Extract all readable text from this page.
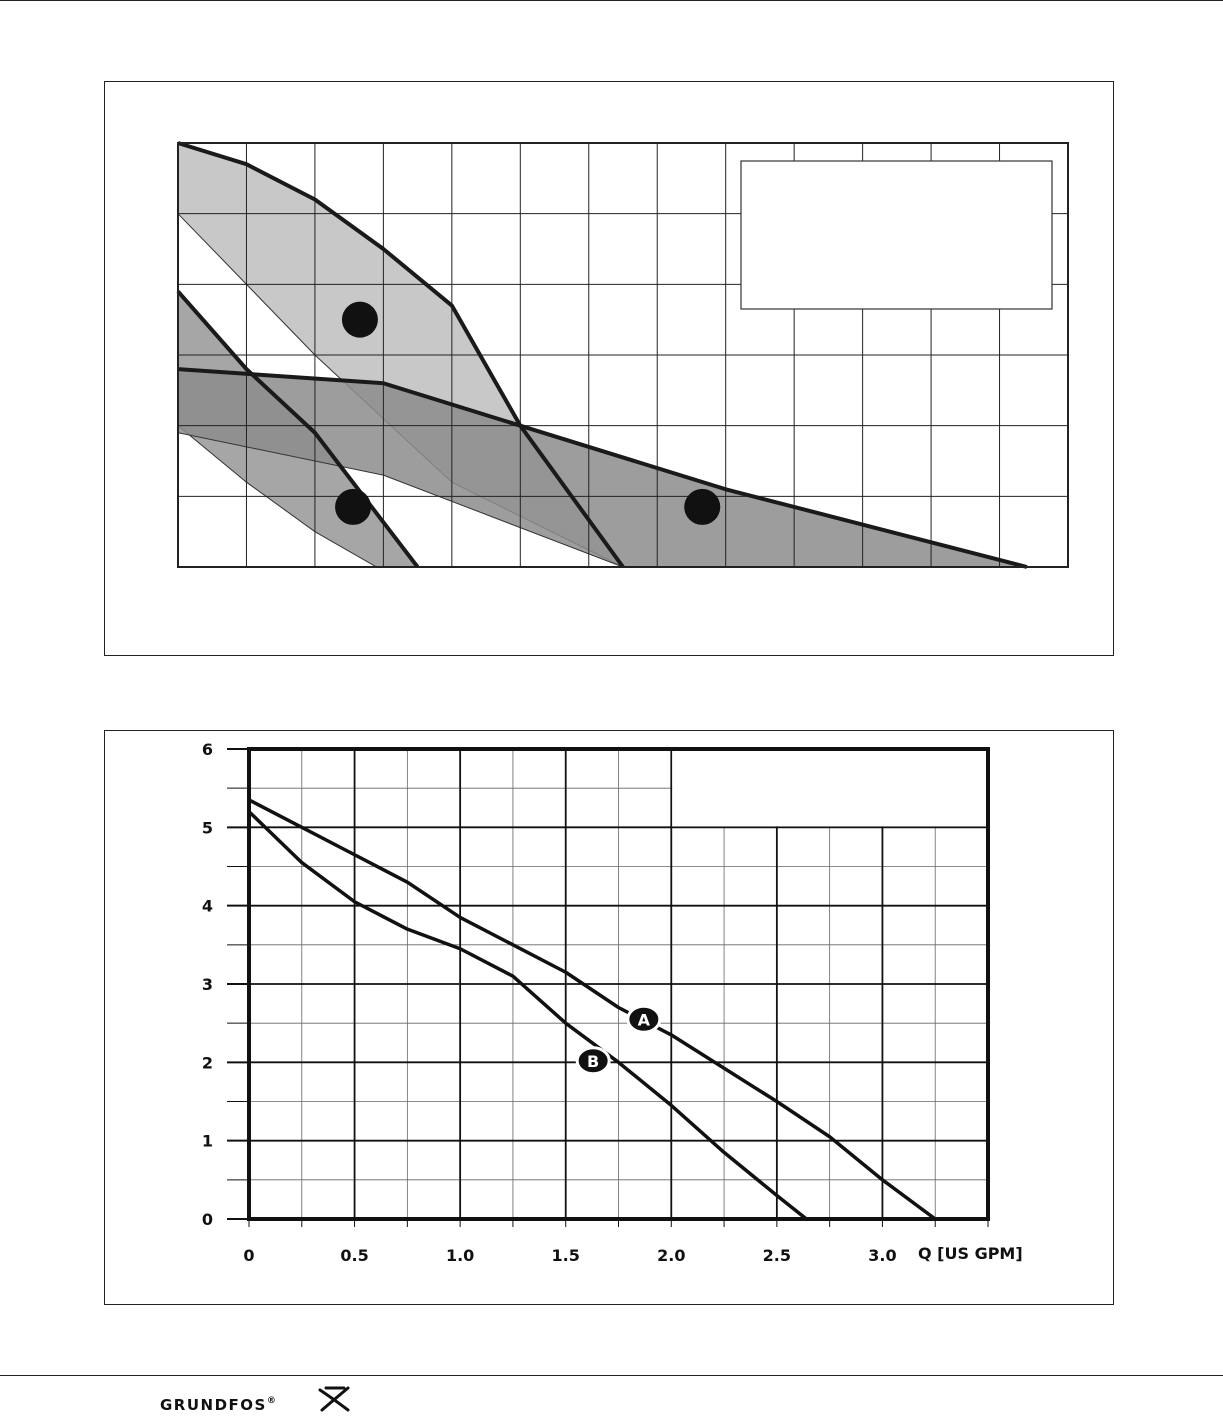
0
1
2
3
4
5
6
0	0.5	1.0	1.5	2.0	2.5	3.0 Q [US GPM]
A
B
GRUNDFOS®
